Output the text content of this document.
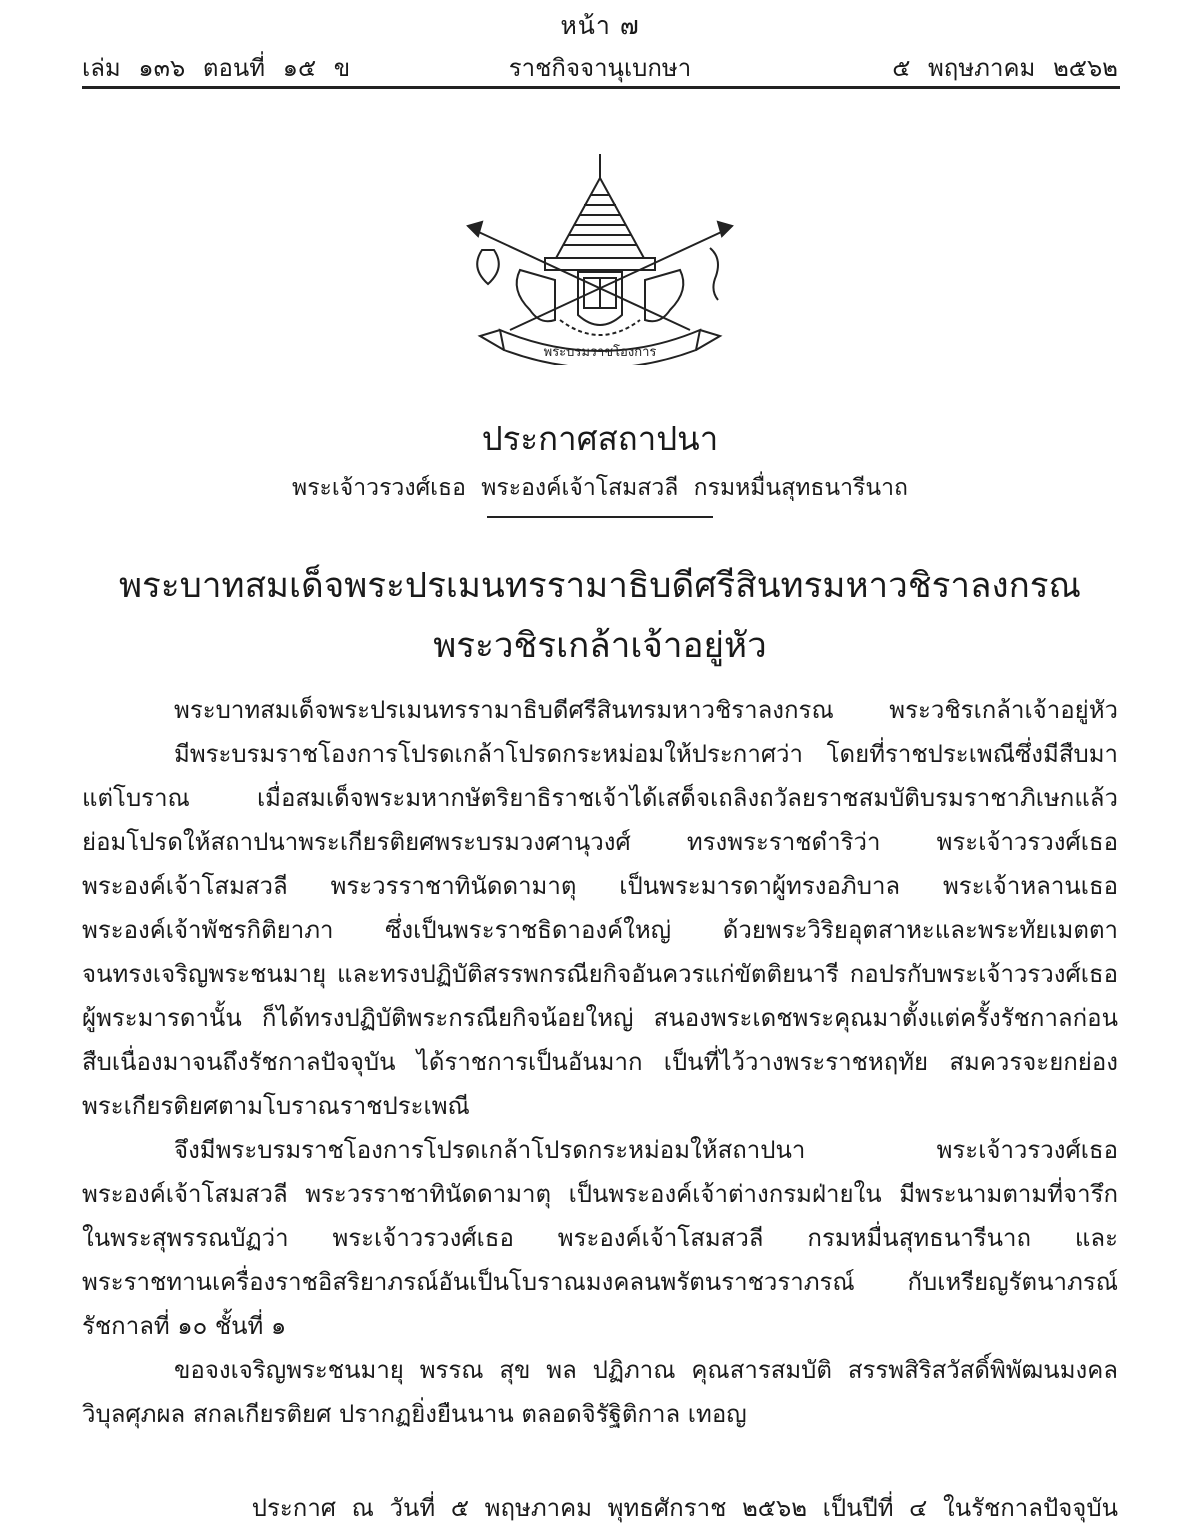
หน้า ๗
เล่ม ๑๓๖ ตอนที่ ๑๕ ข	ราชกิจจานุเบกษา	๕ พฤษภาคม ๒๕๖๒
พระบรมราชโองการ
ประกาศสถาปนา
พระเจ้าวรวงศ์เธอ พระองค์เจ้าโสมสวลี กรมหมื่นสุทธนารีนาถ
พระบาทสมเด็จพระปรเมนทรรามาธิบดีศรีสินทรมหาวชิราลงกรณ
พระวชิรเกล้าเจ้าอยู่หัว
พระบาทสมเด็จพระปรเมนทรรามาธิบดีศรีสินทรมหาวชิราลงกรณ พระวชิรเกล้าเจ้าอยู่หัว
มีพระบรมราชโองการโปรดเกล้าโปรดกระหม่อมให้ประกาศว่า โดยที่ราชประเพณีซึ่งมีสืบมา
แต่โบราณ เมื่อสมเด็จพระมหากษัตริยาธิราชเจ้าได้เสด็จเถลิงถวัลยราชสมบัติบรมราชาภิเษกแล้ว
ย่อมโปรดให้สถาปนาพระเกียรติยศพระบรมวงศานุวงศ์ ทรงพระราชดำริว่า พระเจ้าวรวงศ์เธอ
พระองค์เจ้าโสมสวลี พระวรราชาทินัดดามาตุ เป็นพระมารดาผู้ทรงอภิบาล พระเจ้าหลานเธอ
พระองค์เจ้าพัชรกิติยาภา ซึ่งเป็นพระราชธิดาองค์ใหญ่ ด้วยพระวิริยอุตสาหะและพระทัยเมตตา
จนทรงเจริญพระชนมายุ และทรงปฏิบัติสรรพกรณียกิจอันควรแก่ขัตติยนารี กอปรกับพระเจ้าวรวงศ์เธอ
ผู้พระมารดานั้น ก็ได้ทรงปฏิบัติพระกรณียกิจน้อยใหญ่ สนองพระเดชพระคุณมาตั้งแต่ครั้งรัชกาลก่อน
สืบเนื่องมาจนถึงรัชกาลปัจจุบัน ได้ราชการเป็นอันมาก เป็นที่ไว้วางพระราชหฤทัย สมควรจะยกย่อง
พระเกียรติยศตามโบราณราชประเพณี
จึงมีพระบรมราชโองการโปรดเกล้าโปรดกระหม่อมให้สถาปนา พระเจ้าวรวงศ์เธอ
พระองค์เจ้าโสมสวลี พระวรราชาทินัดดามาตุ เป็นพระองค์เจ้าต่างกรมฝ่ายใน มีพระนามตามที่จารึก
ในพระสุพรรณบัฏว่า พระเจ้าวรวงศ์เธอ พระองค์เจ้าโสมสวลี กรมหมื่นสุทธนารีนาถ และ
พระราชทานเครื่องราชอิสริยาภรณ์อันเป็นโบราณมงคลนพรัตนราชวราภรณ์ กับเหรียญรัตนาภรณ์
รัชกาลที่ ๑๐ ชั้นที่ ๑
ขอจงเจริญพระชนมายุ พรรณ สุข พล ปฏิภาณ คุณสารสมบัติ สรรพสิริสวัสดิ์พิพัฒนมงคล
วิบุลศุภผล สกลเกียรติยศ ปรากฏยิ่งยืนนาน ตลอดจิรัฐิติกาล เทอญ
ประกาศ ณ วันที่ ๕ พฤษภาคม พุทธศักราช ๒๕๖๒ เป็นปีที่ ๔ ในรัชกาลปัจจุบัน
